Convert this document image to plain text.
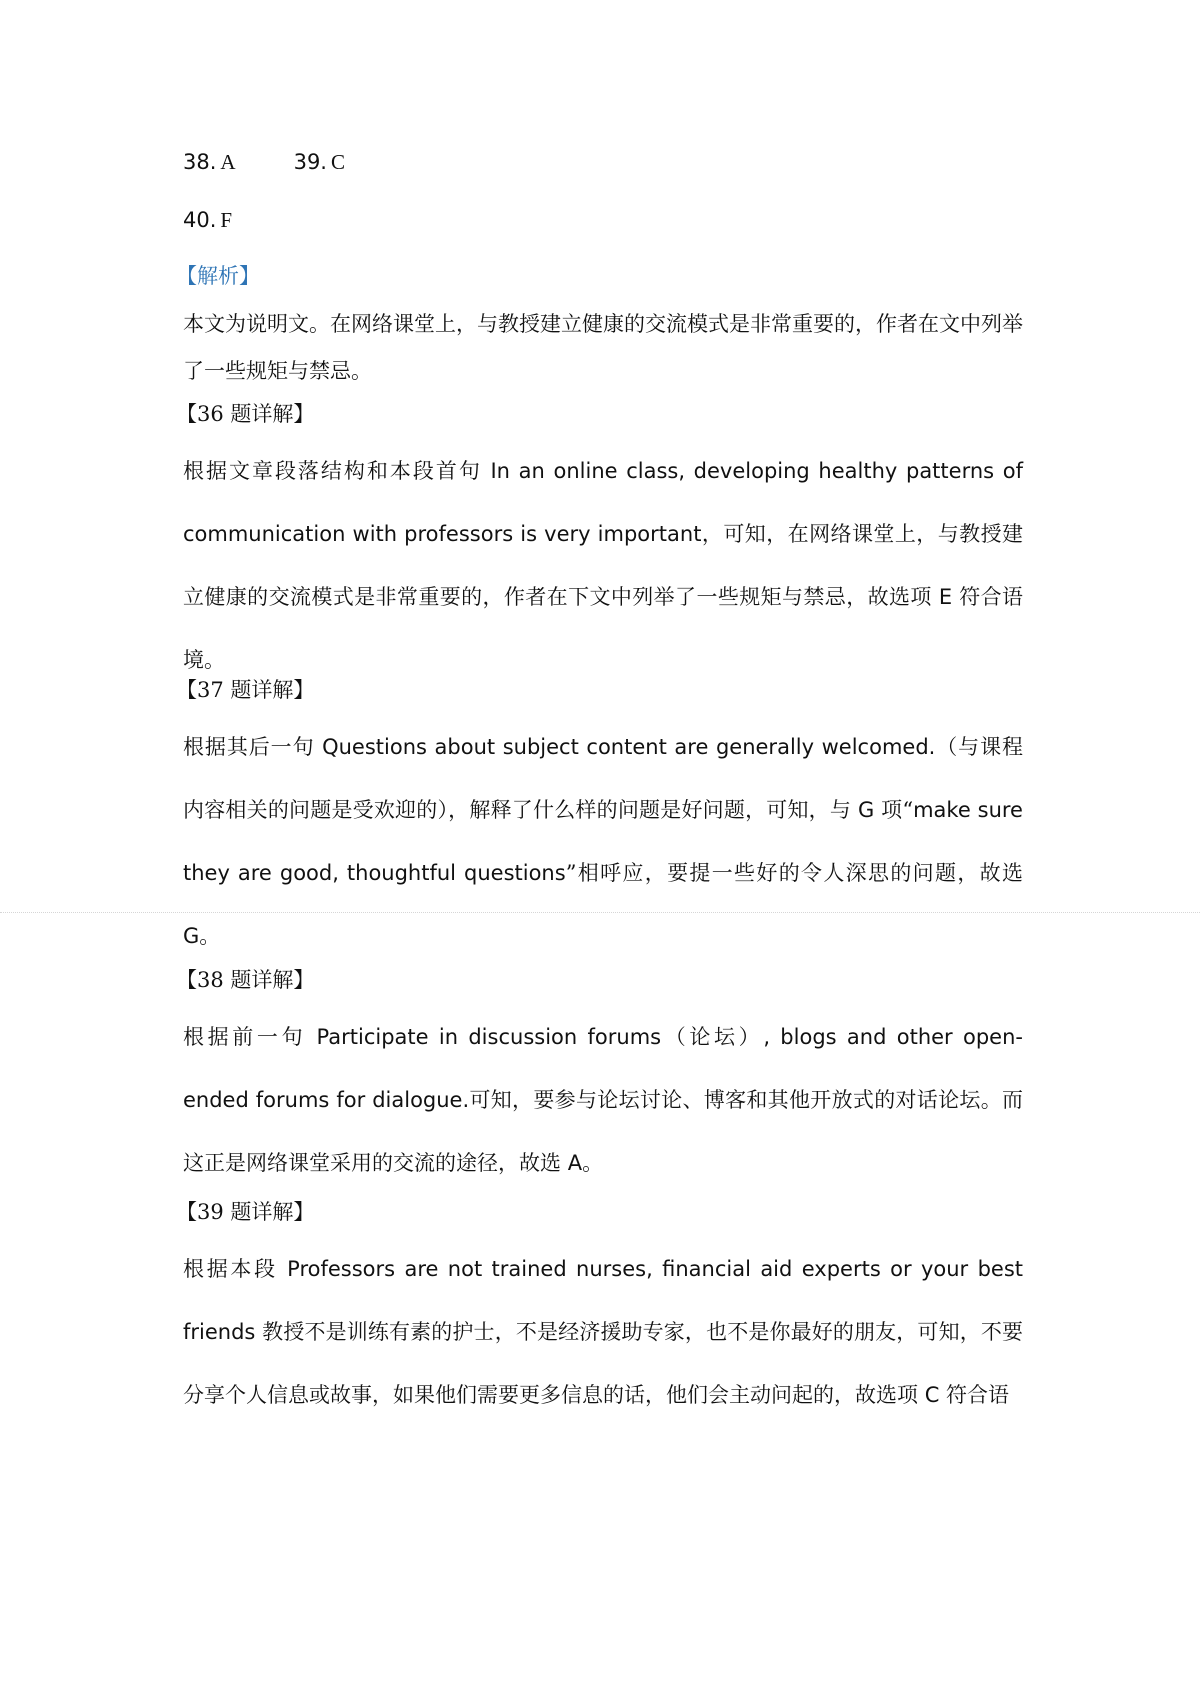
38. A	39. C
40. F
【解析】
本文为说明文。在网络课堂上，与教授建立健康的交流模式是非常重要的，作者在文中列举了一些规矩与禁忌。
【36 题详解】
根据文章段落结构和本段首句 In an online class, developing healthy patterns of communication with professors is very important，可知，在网络课堂上，与教授建立健康的交流模式是非常重要的，作者在下文中列举了一些规矩与禁忌，故选项 E 符合语境。
【37 题详解】
根据其后一句 Questions about subject content are generally welcomed.（与课程内容相关的问题是受欢迎的），解释了什么样的问题是好问题，可知，与 G 项“make sure they are good, thoughtful questions”相呼应，要提一些好的令人深思的问题，故选 G。
【38 题详解】
根据前一句 Participate in discussion forums（论坛）, blogs and other open-ended forums for dialogue.可知，要参与论坛讨论、博客和其他开放式的对话论坛。而这正是网络课堂采用的交流的途径，故选 A。
【39 题详解】
根据本段 Professors are not trained nurses, financial aid experts or your best friends 教授不是训练有素的护士，不是经济援助专家，也不是你最好的朋友，可知，不要分享个人信息或故事，如果他们需要更多信息的话，他们会主动问起的，故选项 C 符合语
